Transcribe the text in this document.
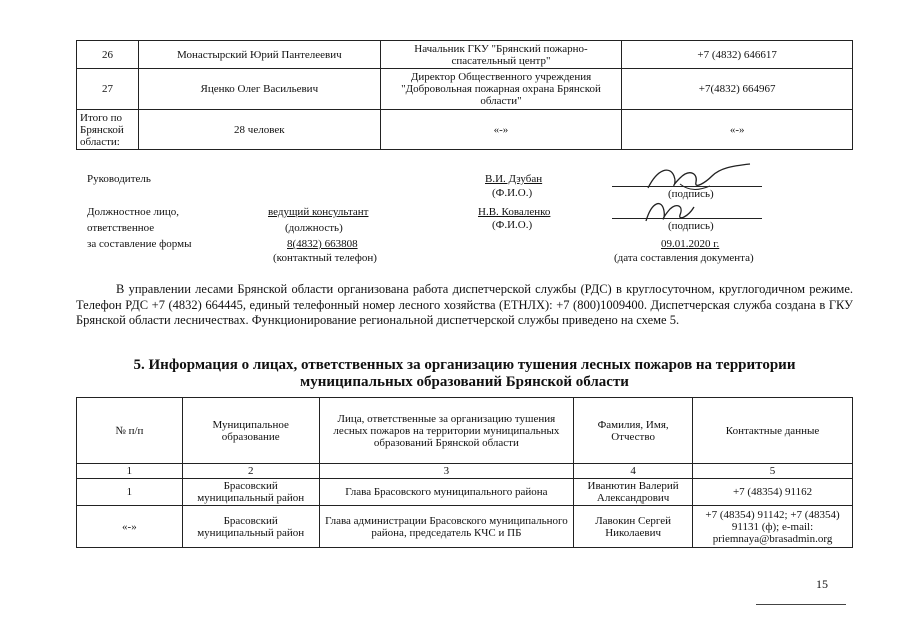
26	Монастырский Юрий Пантелеевич	Начальник ГКУ "Брянский пожарно-спасательный центр"	+7 (4832) 646617
27	Яценко Олег Васильевич	Директор Общественного учреждения "Добровольная пожарная охрана Брянской области"	+7(4832) 664967
Итого по Брянской области:	28 человек	«-»	«-»
Руководитель	В.И. Дзубан
(Ф.И.О.)	(подпись)
Должностное лицо,
ответственное
за составление формы
ведущий консультант
(должность)
Н.В. Коваленко
(Ф.И.О.)	(подпись)
8(4832) 663808
(контактный телефон)
09.01.2020 г.
(дата составления документа)
В управлении лесами Брянской области организована работа диспетчерской службы (РДС) в круглосуточном, круглогодичном режиме. Телефон РДС +7 (4832) 664445, единый телефонный номер лесного хозяйства (ЕТНЛХ): +7 (800)1009400. Диспетчерская служба создана в ГКУ Брянской области лесничествах. Функционирование региональной диспетчерской службы приведено на схеме 5.
5. Информация о лицах, ответственных за организацию тушения лесных пожаров на территории муниципальных образований Брянской области
№ п/п	Муниципальное образование	Лица, ответственные за организацию тушения лесных пожаров на территории муниципальных образований Брянской области	Фамилия, Имя, Отчество	Контактные данные
1	2	3	4	5
1	Брасовский муниципальный район	Глава Брасовского муниципального района	Иванютин Валерий Александрович	+7 (48354) 91162
«-»	Брасовский муниципальный район	Глава администрации Брасовского муниципального района, председатель КЧС и ПБ	Лавокин Сергей Николаевич	+7 (48354) 91142; +7 (48354) 91131 (ф); e-mail: priemnaya@brasadmin.org
15
